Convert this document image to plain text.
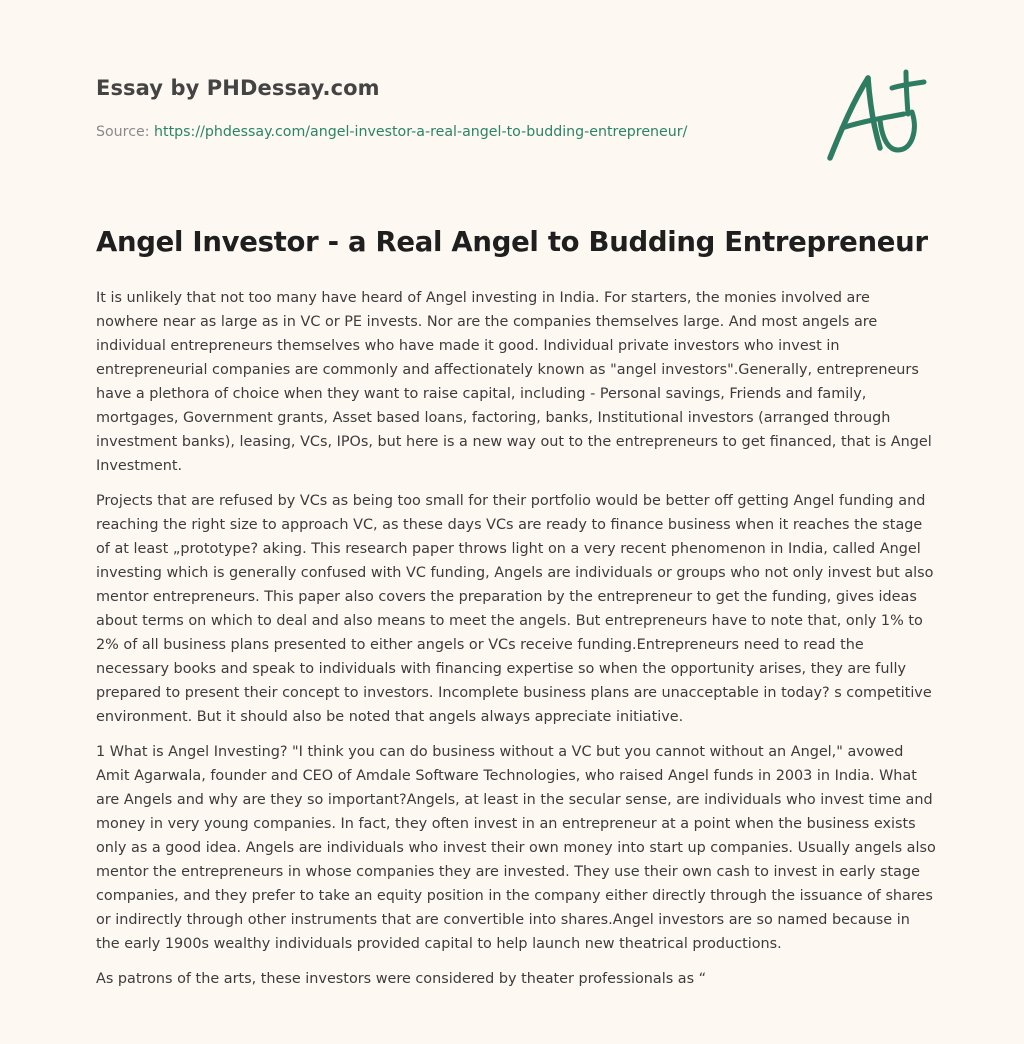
Essay by PHDessay.com
Source: https://phdessay.com/angel-investor-a-real-angel-to-budding-entrepreneur/
Angel Investor - a Real Angel to Budding Entrepreneur

It is unlikely that not too many have heard of Angel investing in India. For starters, the monies involved are nowhere near as large as in VC or PE invests. Nor are the companies themselves large. And most angels are individual entrepreneurs themselves who have made it good. Individual private investors who invest in entrepreneurial companies are commonly and affectionately known as "angel investors".Generally, entrepreneurs have a plethora of choice when they want to raise capital, including - Personal savings, Friends and family, mortgages, Government grants, Asset based loans, factoring, banks, Institutional investors (arranged through investment banks), leasing, VCs, IPOs, but here is a new way out to the entrepreneurs to get financed, that is Angel Investment.

Projects that are refused by VCs as being too small for their portfolio would be better off getting Angel funding and reaching the right size to approach VC, as these days VCs are ready to finance business when it reaches the stage of at least „prototype? aking. This research paper throws light on a very recent phenomenon in India, called Angel investing which is generally confused with VC funding, Angels are individuals or groups who not only invest but also mentor entrepreneurs. This paper also covers the preparation by the entrepreneur to get the funding, gives ideas about terms on which to deal and also means to meet the angels. But entrepreneurs have to note that, only 1% to 2% of all business plans presented to either angels or VCs receive funding.Entrepreneurs need to read the necessary books and speak to individuals with financing expertise so when the opportunity arises, they are fully prepared to present their concept to investors. Incomplete business plans are unacceptable in today? s competitive environment. But it should also be noted that angels always appreciate initiative.

1 What is Angel Investing? "I think you can do business without a VC but you cannot without an Angel," avowed Amit Agarwala, founder and CEO of Amdale Software Technologies, who raised Angel funds in 2003 in India. What are Angels and why are they so important?Angels, at least in the secular sense, are individuals who invest time and money in very young companies. In fact, they often invest in an entrepreneur at a point when the business exists only as a good idea. Angels are individuals who invest their own money into start up companies. Usually angels also mentor the entrepreneurs in whose companies they are invested. They use their own cash to invest in early stage companies, and they prefer to take an equity position in the company either directly through the issuance of shares or indirectly through other instruments that are convertible into shares.Angel investors are so named because in the early 1900s wealthy individuals provided capital to help launch new theatrical productions.

As patrons of the arts, these investors were considered by theater professionals as “
